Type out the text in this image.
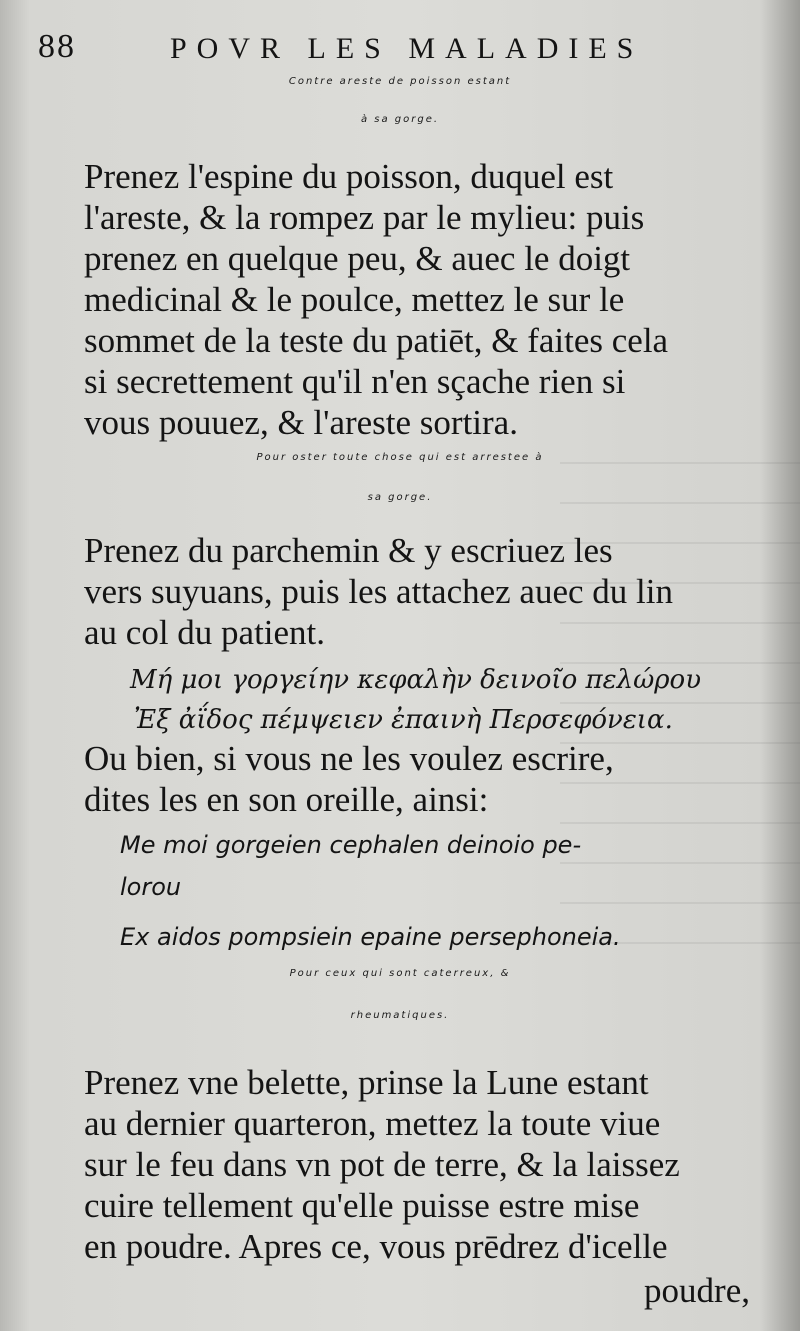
88	POVR LES MALADIES
Contre areste de poisson estant
à sa gorge.
Prenez l'espine du poisson, duquel est
l'areste, & la rompez par le mylieu: puis
prenez en quelque peu, & auec le doigt
medicinal & le poulce, mettez le sur le
sommet de la teste du patiēt, & faites cela
si secrettement qu'il n'en sçache rien si
vous pouuez, & l'areste sortira.
Pour oster toute chose qui est arrestee à
sa gorge.
Prenez du parchemin & y escriuez les
vers suyuans, puis les attachez auec du lin
au col du patient.
Μή μοι γοργείην κεφαλὴν δεινοῖο πελώρου
Ἐξ ἀΐδος πέμψειεν ἐπαινὴ Περσεφόνεια.
Ou bien, si vous ne les voulez escrire,
dites les en son oreille, ainsi:
Me moi gorgeien cephalen deinoio pe-
lorou
Ex aidos pompsiein epaine persephoneia.
Pour ceux qui sont caterreux, &
rheumatiques.
Prenez vne belette, prinse la Lune estant
au dernier quarteron, mettez la toute viue
sur le feu dans vn pot de terre, & la laissez
cuire tellement qu'elle puisse estre mise
en poudre. Apres ce, vous prēdrez d'icelle
poudre,
